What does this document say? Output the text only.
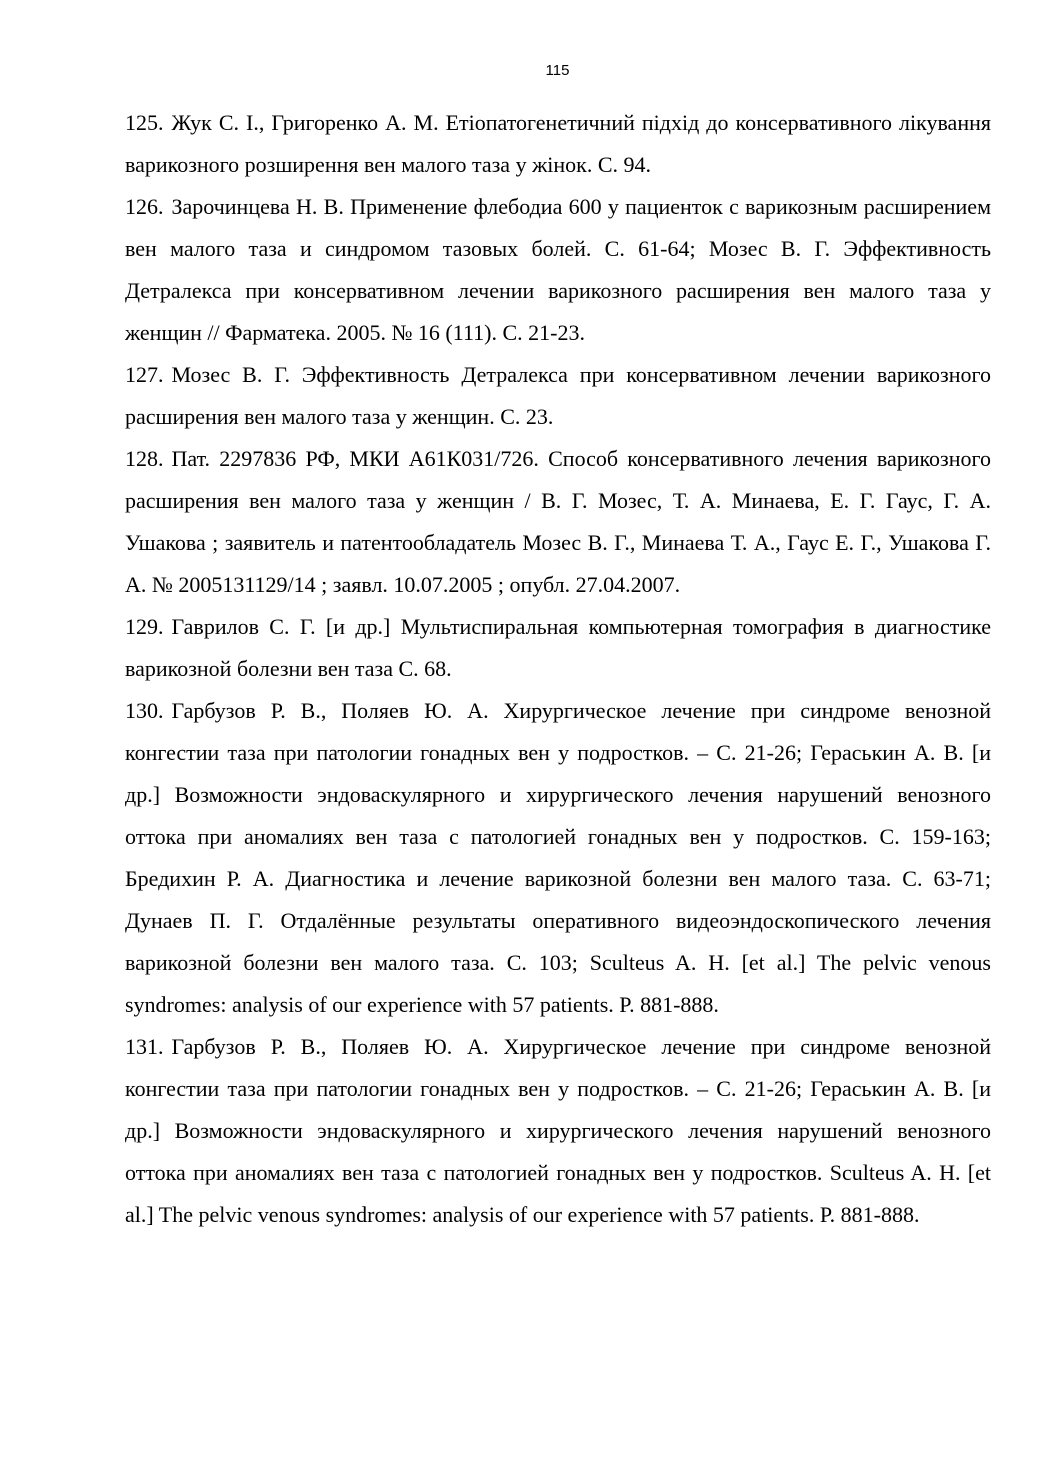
115
125. Жук С. І., Григоренко А. М. Етіопатогенетичний підхід до консервативного лікування варикозного розширення вен малого таза у жінок. С. 94.
126. Зарочинцева Н. В. Применение флебодиа 600 у пациенток с варикозным расширением вен малого таза и синдромом тазовых болей. С. 61-64; Мозес В. Г. Эффективность Детралекса при консервативном лечении варикозного расширения вен малого таза у женщин // Фарматека. 2005. № 16 (111). С. 21-23.
127. Мозес В. Г. Эффективность Детралекса при консервативном лечении варикозного расширения вен малого таза у женщин. С. 23.
128. Пат. 2297836 РФ, МКИ А61К031/726. Способ консервативного лечения варикозного расширения вен малого таза у женщин / В. Г. Мозес, Т. А. Минаева, Е. Г. Гаус, Г. А. Ушакова ; заявитель и патентообладатель Мозес В. Г., Минаева Т. А., Гаус Е. Г., Ушакова Г. А. № 2005131129/14 ; заявл. 10.07.2005 ; опубл. 27.04.2007.
129. Гаврилов С. Г. [и др.] Мультиспиральная компьютерная томография в диагностике варикозной болезни вен таза С. 68.
130. Гарбузов Р. В., Поляев Ю. А. Хирургическое лечение при синдроме венозной конгестии таза при патологии гонадных вен у подростков. – С. 21-26; Гераськин А. В. [и др.] Возможности эндоваскулярного и хирургического лечения нарушений венозного оттока при аномалиях вен таза с патологией гонадных вен у подростков. С. 159-163; Бредихин Р. А. Диагностика и лечение варикозной болезни вен малого таза. С. 63-71; Дунаев П. Г. Отдалённые результаты оперативного видеоэндоскопического лечения варикозной болезни вен малого таза. С. 103; Sculteus A. H. [et al.] The pelvic venous syndromes: analysis of our experience with 57 patients. P. 881-888.
131. Гарбузов Р. В., Поляев Ю. А. Хирургическое лечение при синдроме венозной конгестии таза при патологии гонадных вен у подростков. – С. 21-26; Гераськин А. В. [и др.] Возможности эндоваскулярного и хирургического лечения нарушений венозного оттока при аномалиях вен таза с патологией гонадных вен у подростков. Sculteus A. H. [et al.] The pelvic venous syndromes: analysis of our experience with 57 patients. P. 881-888.
